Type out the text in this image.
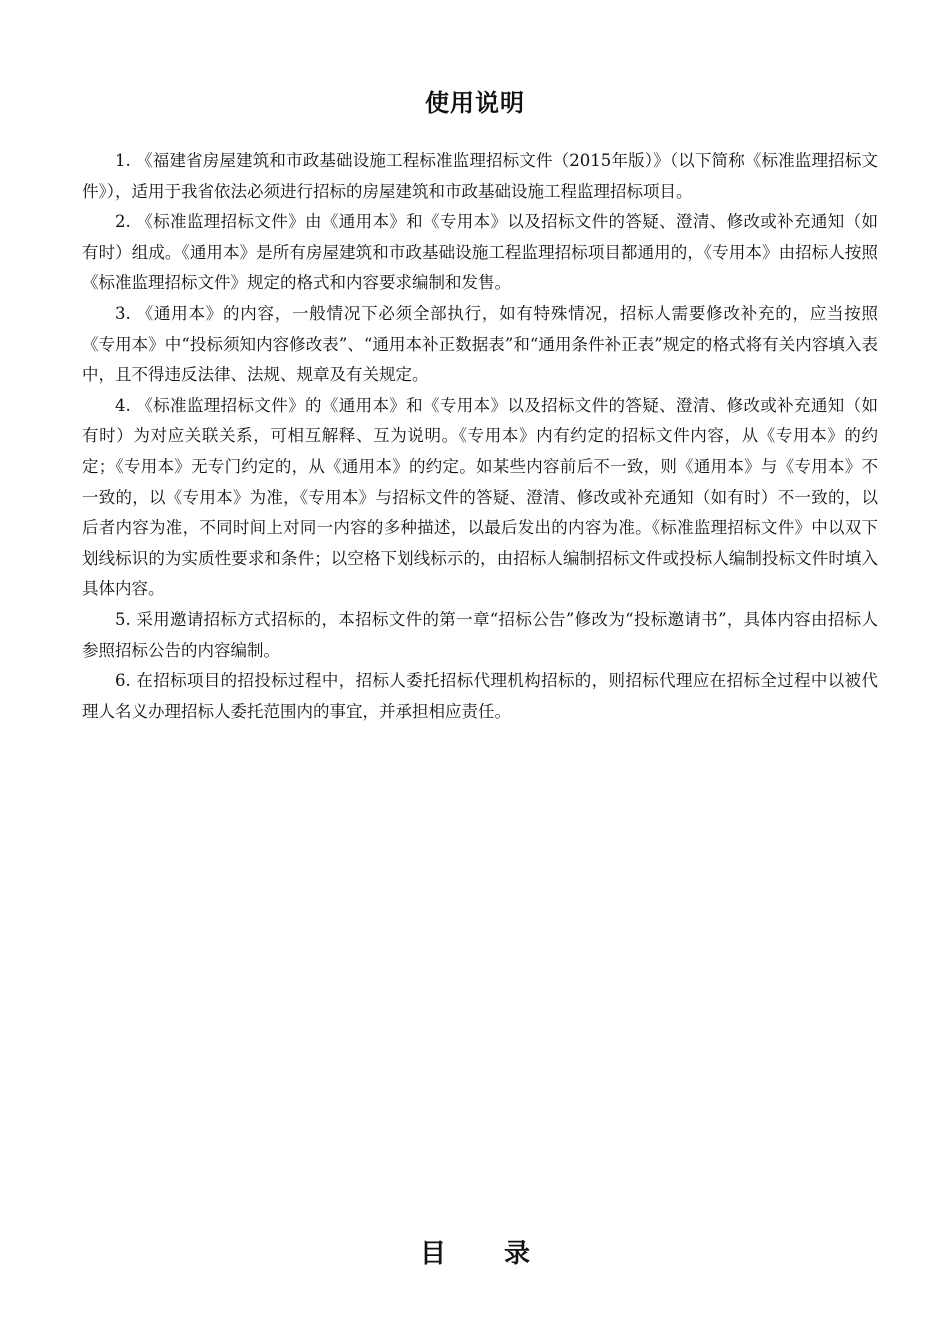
使用说明

1. 《福建省房屋建筑和市政基础设施工程标准监理招标文件（2015年版）》（以下简称《标准监理招标文件》），适用于我省依法必须进行招标的房屋建筑和市政基础设施工程监理招标项目。

2. 《标准监理招标文件》由《通用本》和《专用本》以及招标文件的答疑、澄清、修改或补充通知（如有时）组成。《通用本》是所有房屋建筑和市政基础设施工程监理招标项目都通用的，《专用本》由招标人按照《标准监理招标文件》规定的格式和内容要求编制和发售。

3. 《通用本》的内容，一般情况下必须全部执行，如有特殊情况，招标人需要修改补充的，应当按照《专用本》中“投标须知内容修改表”、“通用本补正数据表”和“通用条件补正表”规定的格式将有关内容填入表中，且不得违反法律、法规、规章及有关规定。

4. 《标准监理招标文件》的《通用本》和《专用本》以及招标文件的答疑、澄清、修改或补充通知（如有时）为对应关联关系，可相互解释、互为说明。《专用本》内有约定的招标文件内容，从《专用本》的约定；《专用本》无专门约定的，从《通用本》的约定。如某些内容前后不一致，则《通用本》与《专用本》不一致的，以《专用本》为准，《专用本》与招标文件的答疑、澄清、修改或补充通知（如有时）不一致的，以后者内容为准，不同时间上对同一内容的多种描述，以最后发出的内容为准。《标准监理招标文件》中以双下划线标识的为实质性要求和条件；以空格下划线标示的，由招标人编制招标文件或投标人编制投标文件时填入具体内容。

5. 采用邀请招标方式招标的，本招标文件的第一章“招标公告”修改为“投标邀请书”，具体内容由招标人参照招标公告的内容编制。

6. 在招标项目的招投标过程中，招标人委托招标代理机构招标的，则招标代理应在招标全过程中以被代理人名义办理招标人委托范围内的事宜，并承担相应责任。

目录
